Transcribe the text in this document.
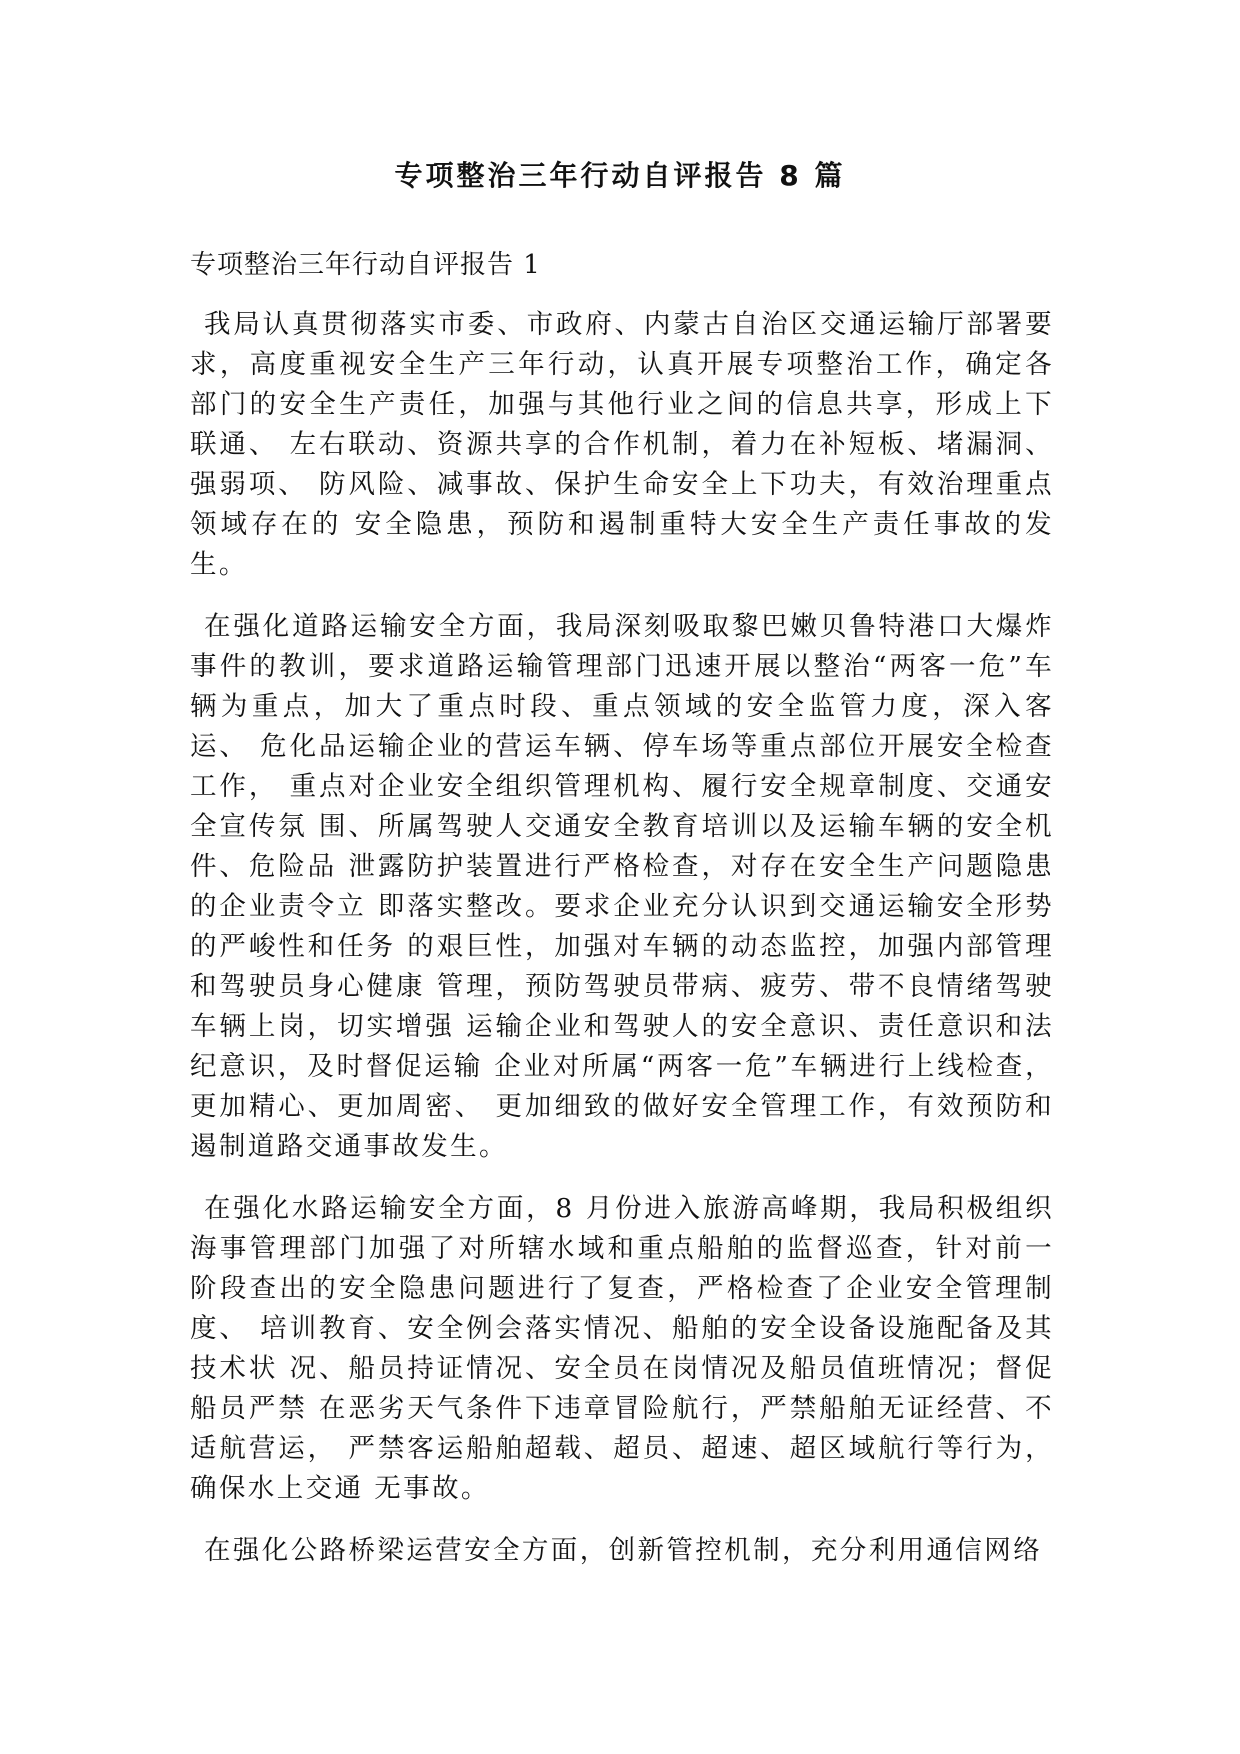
专项整治三年行动自评报告 8 篇
专项整治三年行动自评报告 1

我局认真贯彻落实市委、市政府、内蒙古自治区交通运输厅部署要求，高度重视安全生产三年行动，认真开展专项整治工作，确定各部门的安全生产责任，加强与其他行业之间的信息共享，形成上下联通、 左右联动、资源共享的合作机制，着力在补短板、堵漏洞、强弱项、 防风险、减事故、保护生命安全上下功夫，有效治理重点领域存在的 安全隐患，预防和遏制重特大安全生产责任事故的发生。

在强化道路运输安全方面，我局深刻吸取黎巴嫩贝鲁特港口大爆炸事件的教训，要求道路运输管理部门迅速开展以整治“两客一危”车辆为重点，加大了重点时段、重点领域的安全监管力度，深入客运、 危化品运输企业的营运车辆、停车场等重点部位开展安全检查工作， 重点对企业安全组织管理机构、履行安全规章制度、交通安全宣传氛 围、所属驾驶人交通安全教育培训以及运输车辆的安全机件、危险品 泄露防护装置进行严格检查，对存在安全生产问题隐患的企业责令立 即落实整改。要求企业充分认识到交通运输安全形势的严峻性和任务 的艰巨性，加强对车辆的动态监控，加强内部管理和驾驶员身心健康 管理，预防驾驶员带病、疲劳、带不良情绪驾驶车辆上岗，切实增强 运输企业和驾驶人的安全意识、责任意识和法纪意识，及时督促运输 企业对所属“两客一危”车辆进行上线检查，更加精心、更加周密、 更加细致的做好安全管理工作，有效预防和遏制道路交通事故发生。

在强化水路运输安全方面，8 月份进入旅游高峰期，我局积极组织海事管理部门加强了对所辖水域和重点船舶的监督巡查，针对前一阶段查出的安全隐患问题进行了复查，严格检查了企业安全管理制度、 培训教育、安全例会落实情况、船舶的安全设备设施配备及其技术状 况、船员持证情况、安全员在岗情况及船员值班情况；督促船员严禁 在恶劣天气条件下违章冒险航行，严禁船舶无证经营、不适航营运， 严禁客运船舶超载、超员、超速、超区域航行等行为，确保水上交通 无事故。

在强化公路桥梁运营安全方面，创新管控机制，充分利用通信网络
